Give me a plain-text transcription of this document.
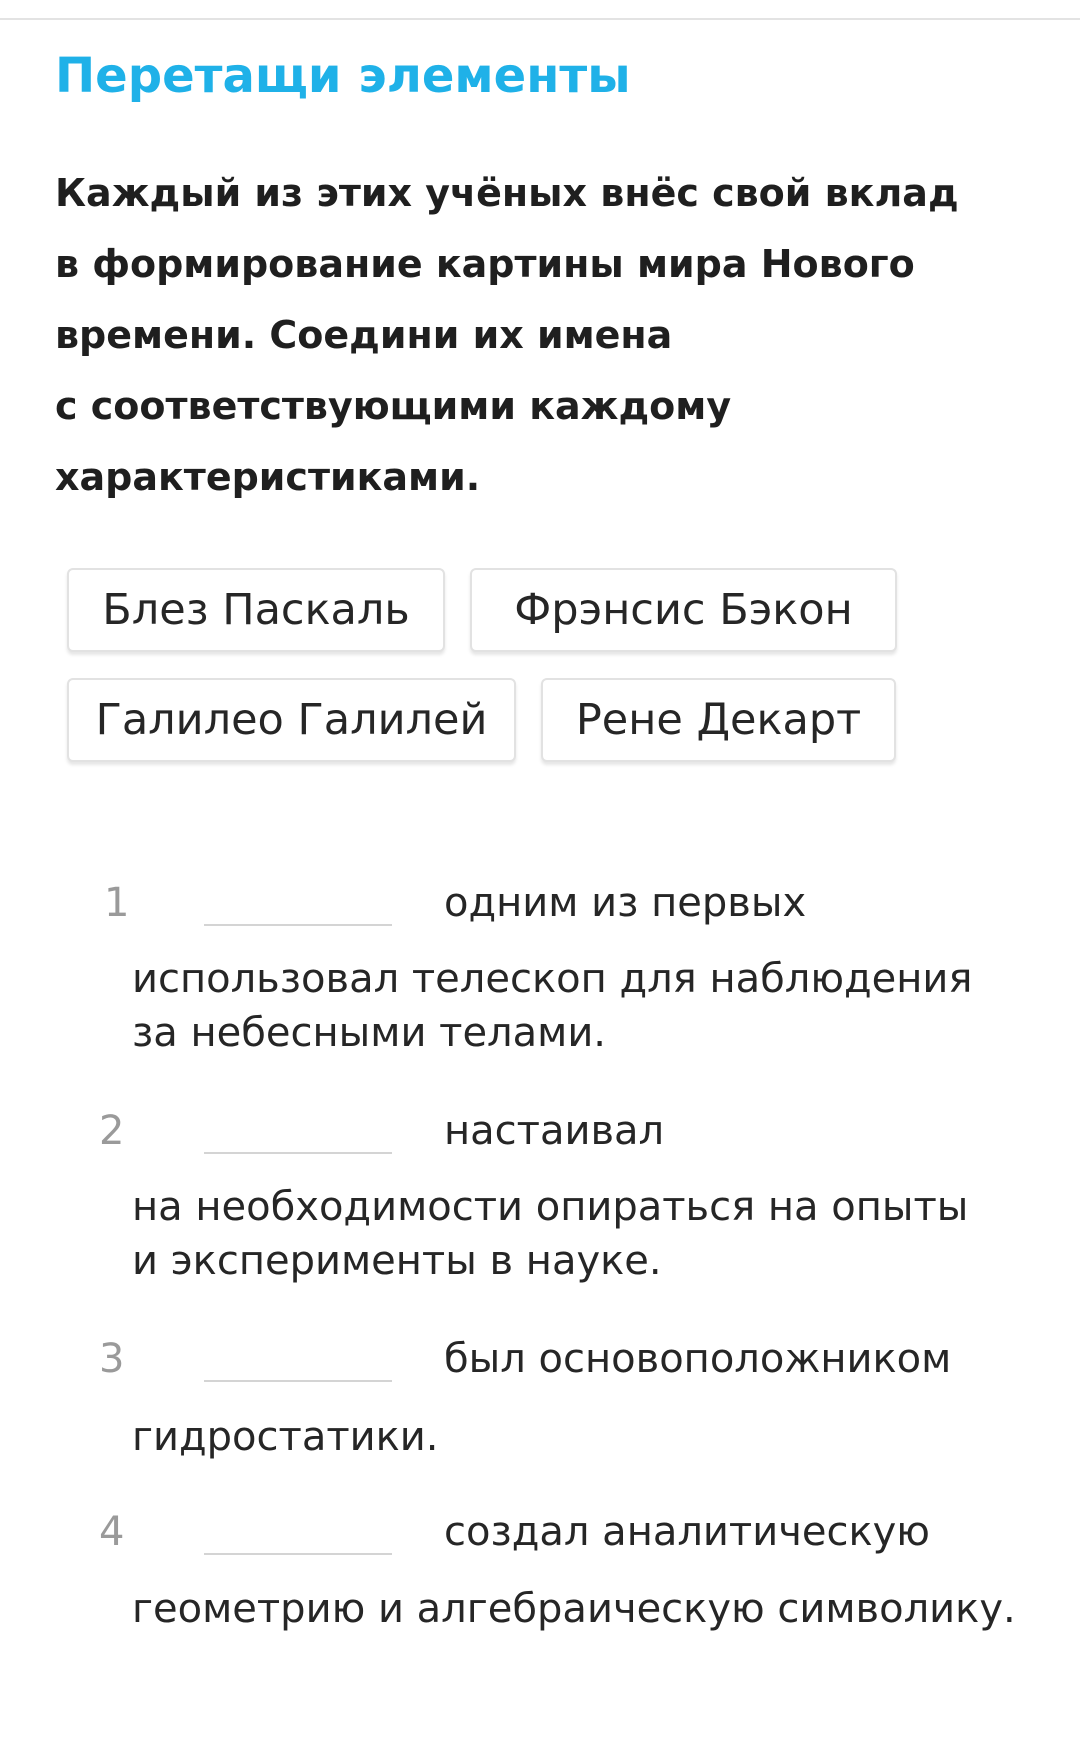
Перетащи элементы
Каждый из этих учёных внёс свой вклад
в формирование картины мира Нового
времени. Соедини их имена
с соответствующими каждому
характеристиками.
Блез Паскаль	Фрэнсис Бэкон
Галилео Галилей	Рене Декарт
1	одним из первых
использовал телескоп для наблюдения
за небесными телами.
2	настаивал
на необходимости опираться на опыты
и эксперименты в науке.
3	был основоположником
гидростатики.
4	создал аналитическую
геометрию и алгебраическую символику.
